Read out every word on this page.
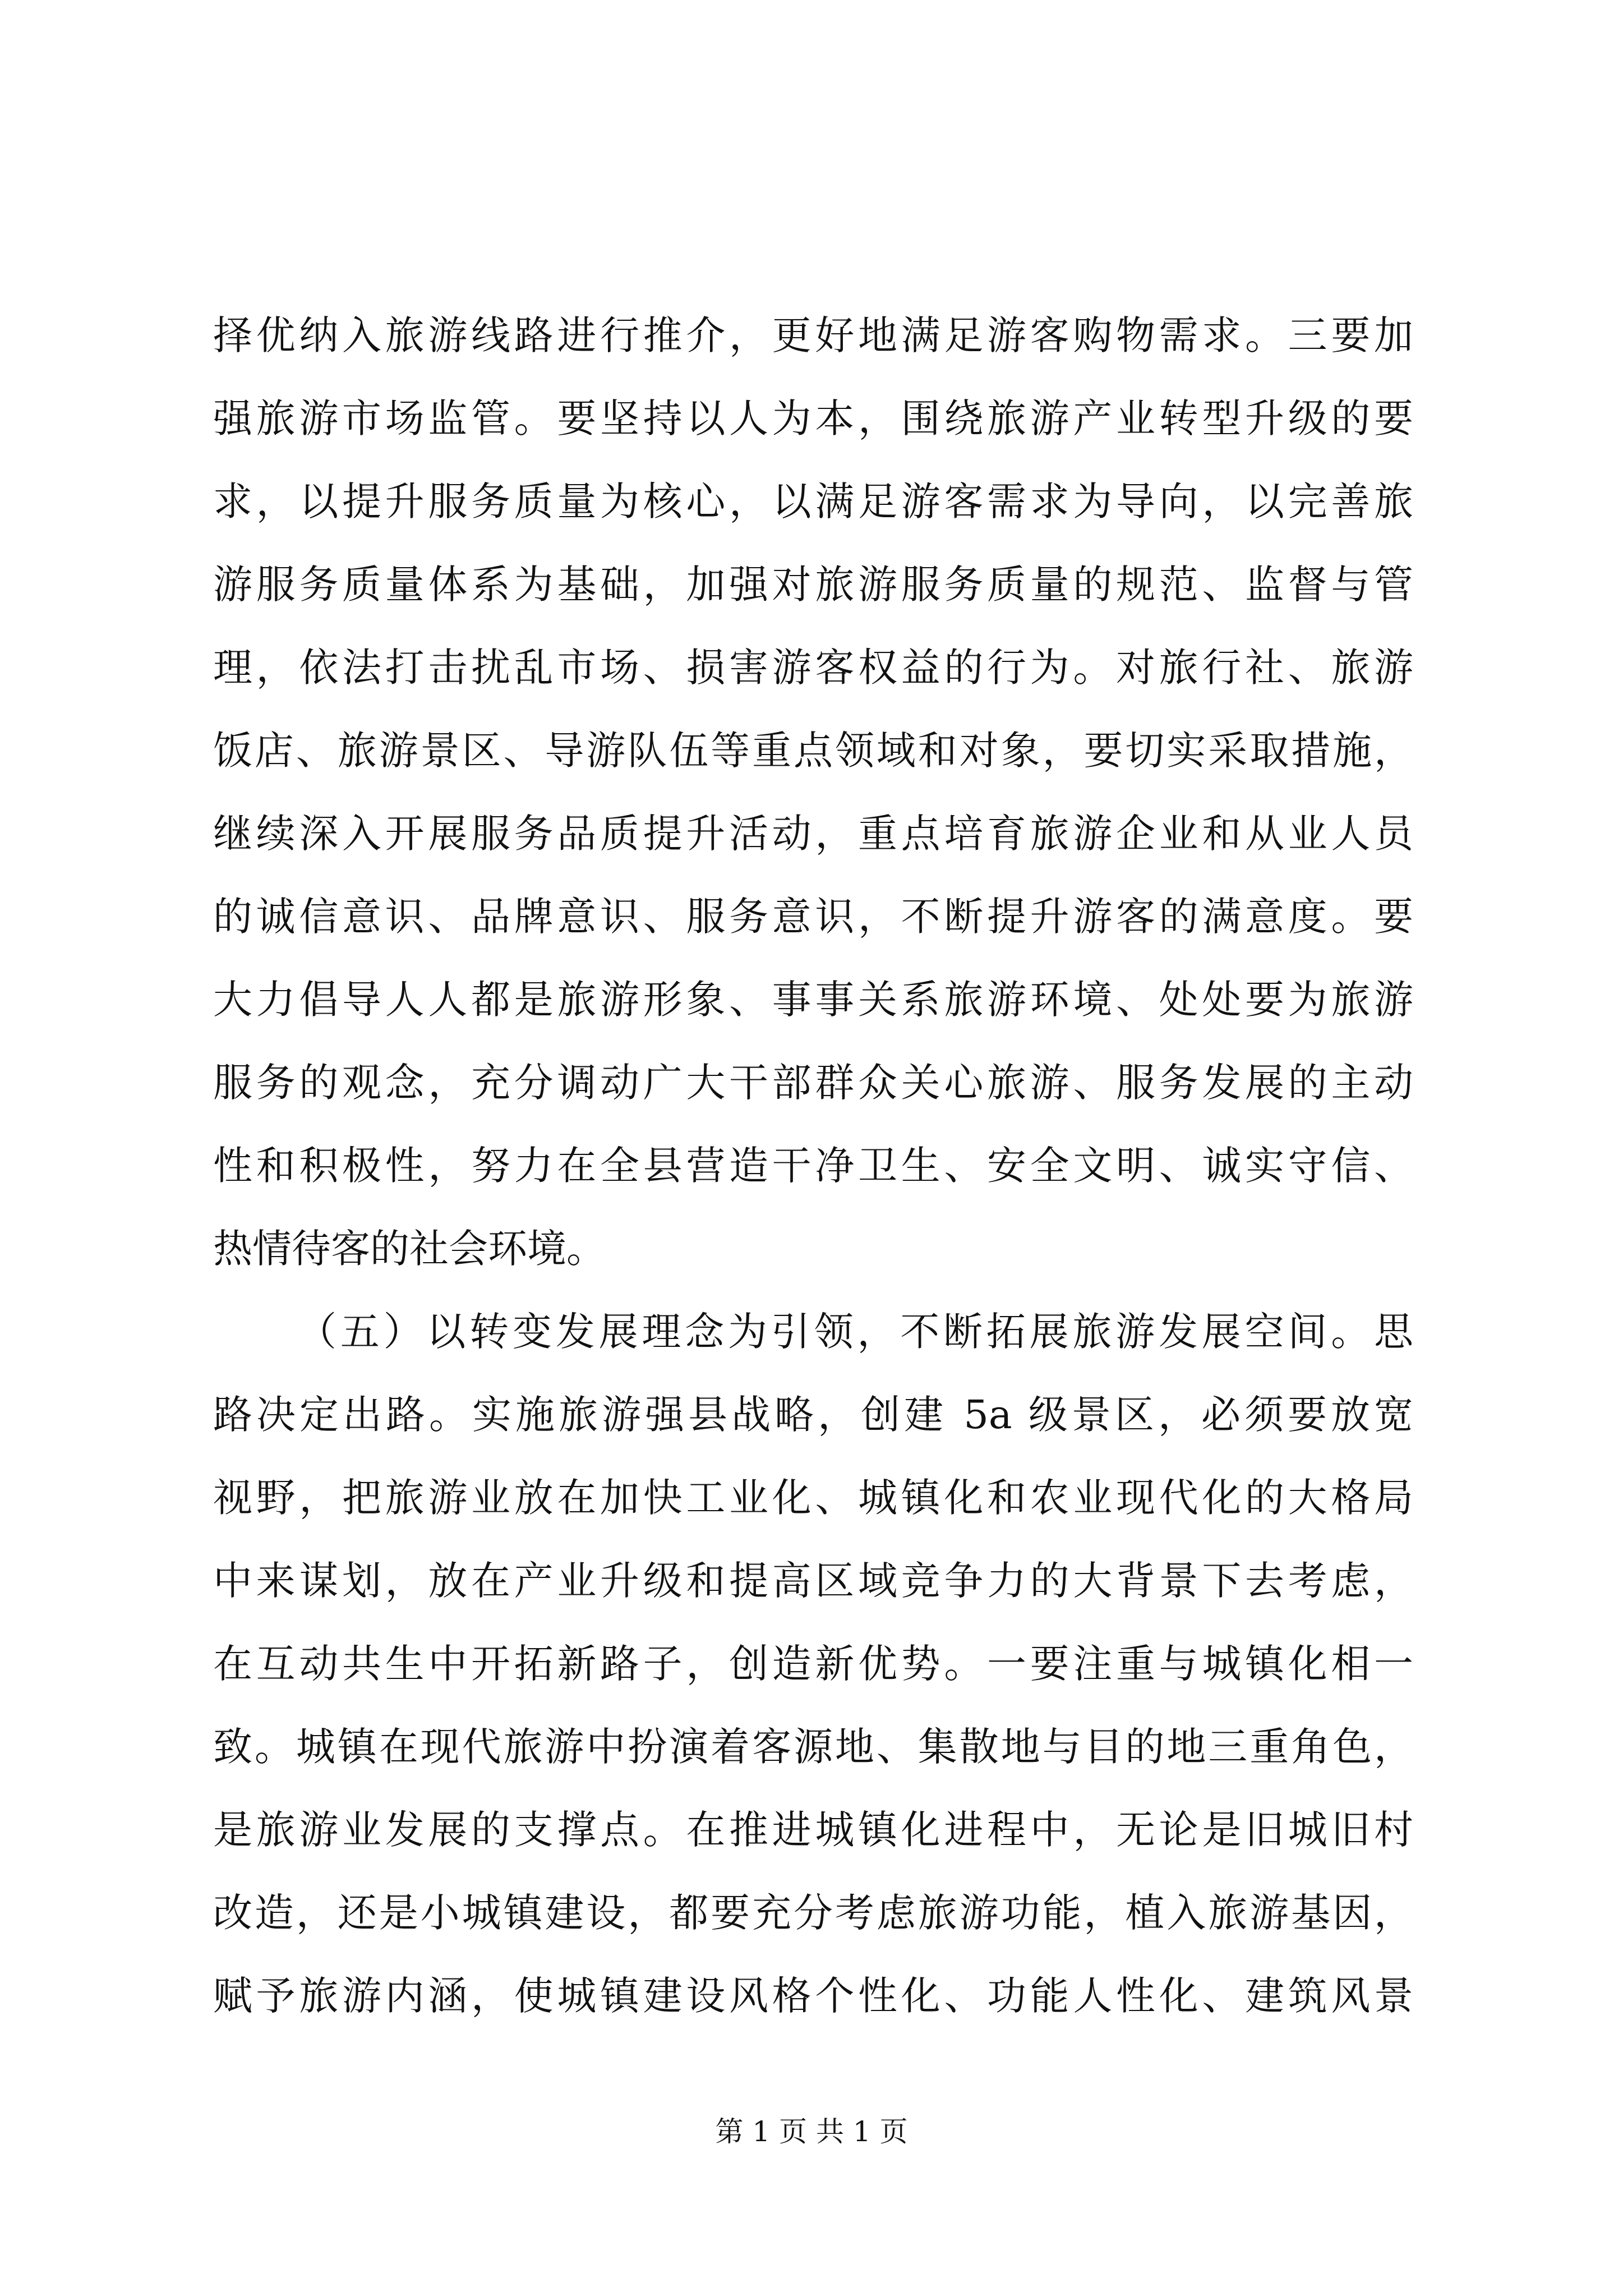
择优纳入旅游线路进行推介，更好地满足游客购物需求。三要加
强旅游市场监管。要坚持以人为本，围绕旅游产业转型升级的要
求，以提升服务质量为核心，以满足游客需求为导向，以完善旅
游服务质量体系为基础，加强对旅游服务质量的规范、监督与管
理，依法打击扰乱市场、损害游客权益的行为。对旅行社、旅游
饭店、旅游景区、导游队伍等重点领域和对象，要切实采取措施，
继续深入开展服务品质提升活动，重点培育旅游企业和从业人员
的诚信意识、品牌意识、服务意识，不断提升游客的满意度。要
大力倡导人人都是旅游形象、事事关系旅游环境、处处要为旅游
服务的观念，充分调动广大干部群众关心旅游、服务发展的主动
性和积极性，努力在全县营造干净卫生、安全文明、诚实守信、
热情待客的社会环境。
（五）以转变发展理念为引领，不断拓展旅游发展空间。思
路决定出路。实施旅游强县战略，创建 5a 级景区，必须要放宽
视野，把旅游业放在加快工业化、城镇化和农业现代化的大格局
中来谋划，放在产业升级和提高区域竞争力的大背景下去考虑，
在互动共生中开拓新路子，创造新优势。一要注重与城镇化相一
致。城镇在现代旅游中扮演着客源地、集散地与目的地三重角色，
是旅游业发展的支撑点。在推进城镇化进程中，无论是旧城旧村
改造，还是小城镇建设，都要充分考虑旅游功能，植入旅游基因，
赋予旅游内涵，使城镇建设风格个性化、功能人性化、建筑风景
第 1 页 共 1 页
